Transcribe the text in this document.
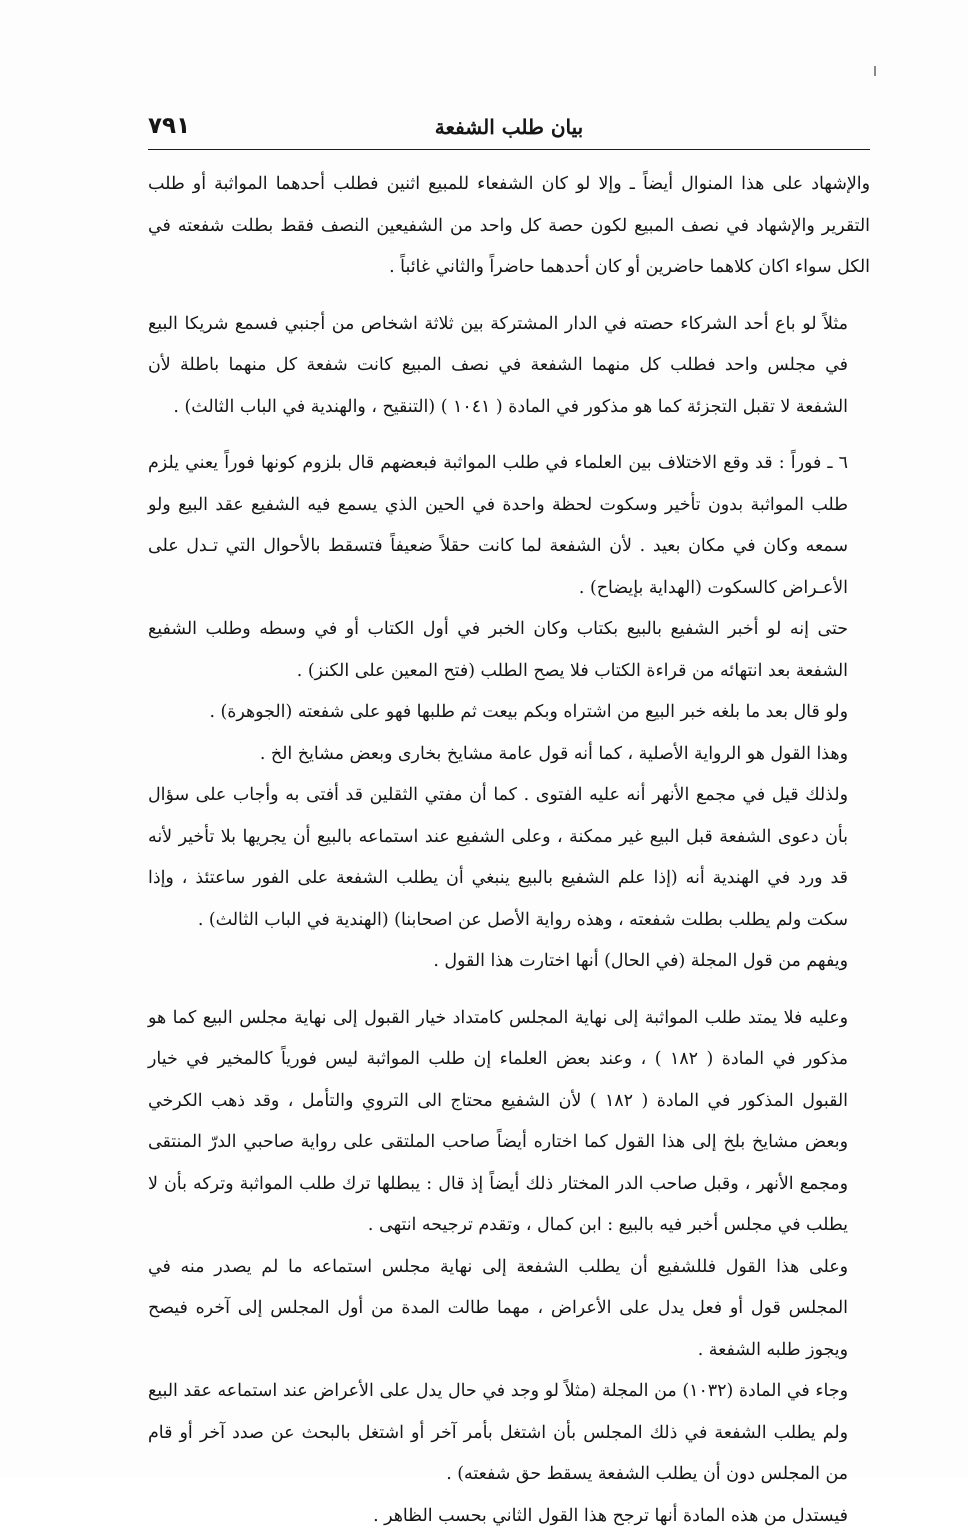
بيان طلب الشفعة
٧٩١

والإشهاد على هذا المنوال أيضاً ـ وإلا لو كان الشفعاء للمبيع اثنين فطلب أحدهما المواثبة أو طلب التقرير والإشهاد في نصف المبيع لكون حصة كل واحد من الشفيعين النصف فقط بطلت شفعته في الكل سواء اكان كلاهما حاضرين أو كان أحدهما حاضراً والثاني غائباً .

مثلاً لو باع أحد الشركاء حصته في الدار المشتركة بين ثلاثة اشخاص من أجنبي فسمع شريكا البيع في مجلس واحد فطلب كل منهما الشفعة في نصف المبيع كانت شفعة كل منهما باطلة لأن الشفعة لا تقبل التجزئة كما هو مذكور في المادة ( ١٠٤١ ) (التنقيح ، والهندية في الباب الثالث) .

٦ ـ فوراً : قد وقع الاختلاف بين العلماء في طلب المواثبة فبعضهم قال بلزوم كونها فوراً يعني يلزم طلب المواثبة بدون تأخير وسكوت لحظة واحدة في الحين الذي يسمع فيه الشفيع عقد البيع ولو سمعه وكان في مكان بعيد . لأن الشفعة لما كانت حقلاً ضعيفاً فتسقط بالأحوال التي تـدل على الأعـراض كالسكوت (الهداية بإيضاح) .

حتى إنه لو أخبر الشفيع بالبيع بكتاب وكان الخبر في أول الكتاب أو في وسطه وطلب الشفيع الشفعة بعد انتهائه من قراءة الكتاب فلا يصح الطلب (فتح المعين على الكنز) .

ولو قال بعد ما بلغه خبر البيع من اشتراه وبكم بيعت ثم طلبها فهو على شفعته (الجوهرة) .

وهذا القول هو الرواية الأصلية ، كما أنه قول عامة مشايخ بخارى وبعض مشايخ الخ .

ولذلك قيل في مجمع الأنهر أنه عليه الفتوى . كما أن مفتي الثقلين قد أفتى به وأجاب على سؤال بأن دعوى الشفعة قبل البيع غير ممكنة ، وعلى الشفيع عند استماعه بالبيع أن يجريها بلا تأخير لأنه قد ورد في الهندية أنه (إذا علم الشفيع بالبيع ينبغي أن يطلب الشفعة على الفور ساعتئذ ، وإذا سكت ولم يطلب بطلت شفعته ، وهذه رواية الأصل عن اصحابنا) (الهندية في الباب الثالث) .

ويفهم من قول المجلة (في الحال) أنها اختارت هذا القول .

وعليه فلا يمتد طلب المواثبة إلى نهاية المجلس كامتداد خيار القبول إلى نهاية مجلس البيع كما هو مذكور في المادة ( ١٨٢ ) ، وعند بعض العلماء إن طلب المواثبة ليس فورياً كالمخير في خيار القبول المذكور في المادة ( ١٨٢ ) لأن الشفيع محتاج الى التروي والتأمل ، وقد ذهب الكرخي وبعض مشايخ بلخ إلى هذا القول كما اختاره أيضاً صاحب الملتقى على رواية صاحبي الدرّ المنتقى ومجمع الأنهر ، وقبل صاحب الدر المختار ذلك أيضاً إذ قال : يبطلها ترك طلب المواثبة وتركه بأن لا يطلب في مجلس أخبر فيه بالبيع : ابن كمال ، وتقدم ترجيحه انتهى .

وعلى هذا القول فللشفيع أن يطلب الشفعة إلى نهاية مجلس استماعه ما لم يصدر منه في المجلس قول أو فعل يدل على الأعراض ، مهما طالت المدة من أول المجلس إلى آخره فيصح ويجوز طلبه الشفعة .

وجاء في المادة (١٠٣٢) من المجلة (مثلاً لو وجد في حال يدل على الأعراض عند استماعه عقد البيع ولم يطلب الشفعة في ذلك المجلس بأن اشتغل بأمر آخر أو اشتغل بالبحث عن صدد آخر أو قام من المجلس دون أن يطلب الشفعة يسقط حق شفعته) .

فيستدل من هذه المادة أنها ترجح هذا القول الثاني بحسب الظاهر .
